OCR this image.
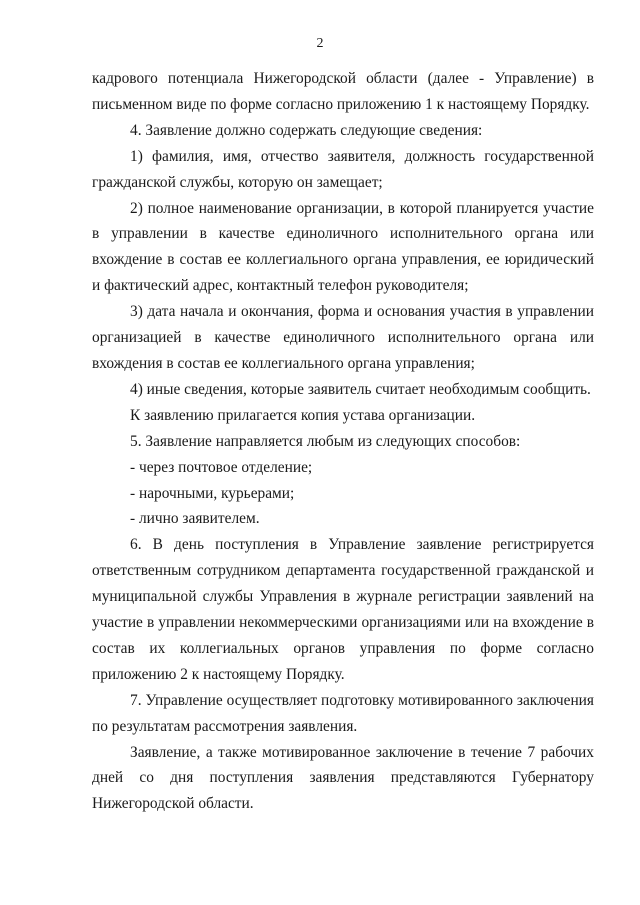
2

кадрового потенциала Нижегородской области (далее - Управление) в письменном виде по форме согласно приложению 1 к настоящему Порядку.

4. Заявление должно содержать следующие сведения:

1) фамилия, имя, отчество заявителя, должность государственной гражданской службы, которую он замещает;

2) полное наименование организации, в которой планируется участие в управлении в качестве единоличного исполнительного органа или вхождение в состав ее коллегиального органа управления, ее юридический и фактический адрес, контактный телефон руководителя;

3) дата начала и окончания, форма и основания участия в управлении организацией в качестве единоличного исполнительного органа или вхождения в состав ее коллегиального органа управления;

4) иные сведения, которые заявитель считает необходимым сообщить.

К заявлению прилагается копия устава организации.

5. Заявление направляется любым из следующих способов:

- через почтовое отделение;

- нарочными, курьерами;

- лично заявителем.

6. В день поступления в Управление заявление регистрируется ответственным сотрудником департамента государственной гражданской и муниципальной службы Управления в журнале регистрации заявлений на участие в управлении некоммерческими организациями или на вхождение в состав их коллегиальных органов управления по форме согласно приложению 2 к настоящему Порядку.

7. Управление осуществляет подготовку мотивированного заключения по результатам рассмотрения заявления.

Заявление, а также мотивированное заключение в течение 7 рабочих дней со дня поступления заявления представляются Губернатору Нижегородской области.
